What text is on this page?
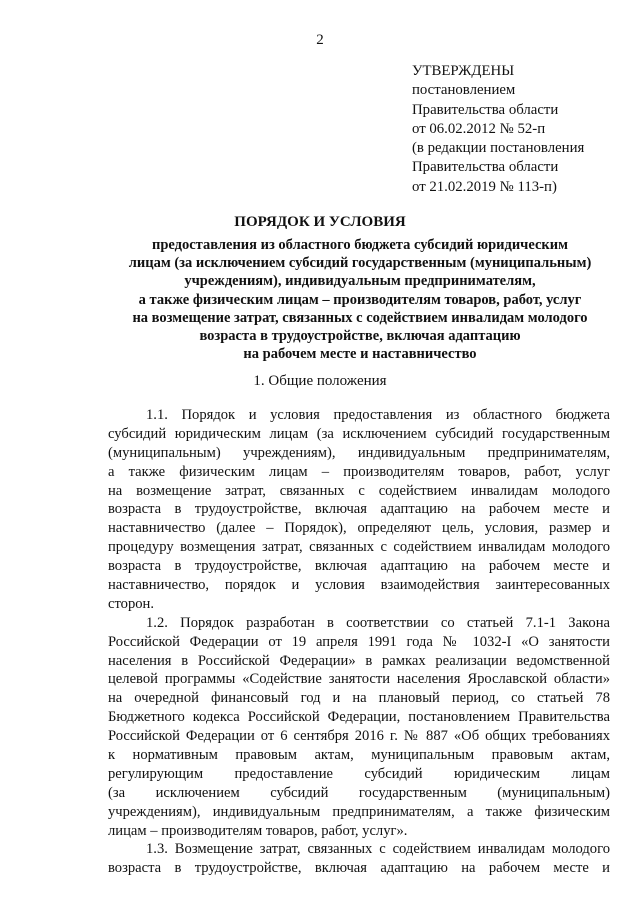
2
УТВЕРЖДЕНЫ
постановлением
Правительства области
от 06.02.2012 № 52-п
(в редакции постановления
Правительства области
от 21.02.2019 № 113-п)
ПОРЯДОК И УСЛОВИЯ
предоставления из областного бюджета субсидий юридическим
лицам (за исключением субсидий государственным (муниципальным)
учреждениям), индивидуальным предпринимателям,
а также физическим лицам – производителям товаров, работ, услуг
на возмещение затрат, связанных с содействием инвалидам молодого
возраста в трудоустройстве, включая адаптацию
на рабочем месте и наставничество
1. Общие положения
1.1. Порядок и условия предоставления из областного бюджета
субсидий юридическим лицам (за исключением субсидий государственным
(муниципальным) учреждениям), индивидуальным предпринимателям,
а также физическим лицам – производителям товаров, работ, услуг
на возмещение затрат, связанных с содействием инвалидам молодого
возраста в трудоустройстве, включая адаптацию на рабочем месте и
наставничество (далее – Порядок), определяют цель, условия, размер и
процедуру возмещения затрат, связанных с содействием инвалидам молодого
возраста в трудоустройстве, включая адаптацию на рабочем месте и
наставничество, порядок и условия взаимодействия заинтересованных
сторон.
1.2. Порядок разработан в соответствии со статьей 7.1-1 Закона
Российской Федерации от 19 апреля 1991 года № 1032-I «О занятости
населения в Российской Федерации» в рамках реализации ведомственной
целевой программы «Содействие занятости населения Ярославской области»
на очередной финансовый год и на плановый период, со статьей 78
Бюджетного кодекса Российской Федерации, постановлением Правительства
Российской Федерации от 6 сентября 2016 г. № 887 «Об общих требованиях
к нормативным правовым актам, муниципальным правовым актам,
регулирующим предоставление субсидий юридическим лицам
(за исключением субсидий государственным (муниципальным)
учреждениям), индивидуальным предпринимателям, а также физическим
лицам – производителям товаров, работ, услуг».
1.3. Возмещение затрат, связанных с содействием инвалидам молодого
возраста в трудоустройстве, включая адаптацию на рабочем месте и
